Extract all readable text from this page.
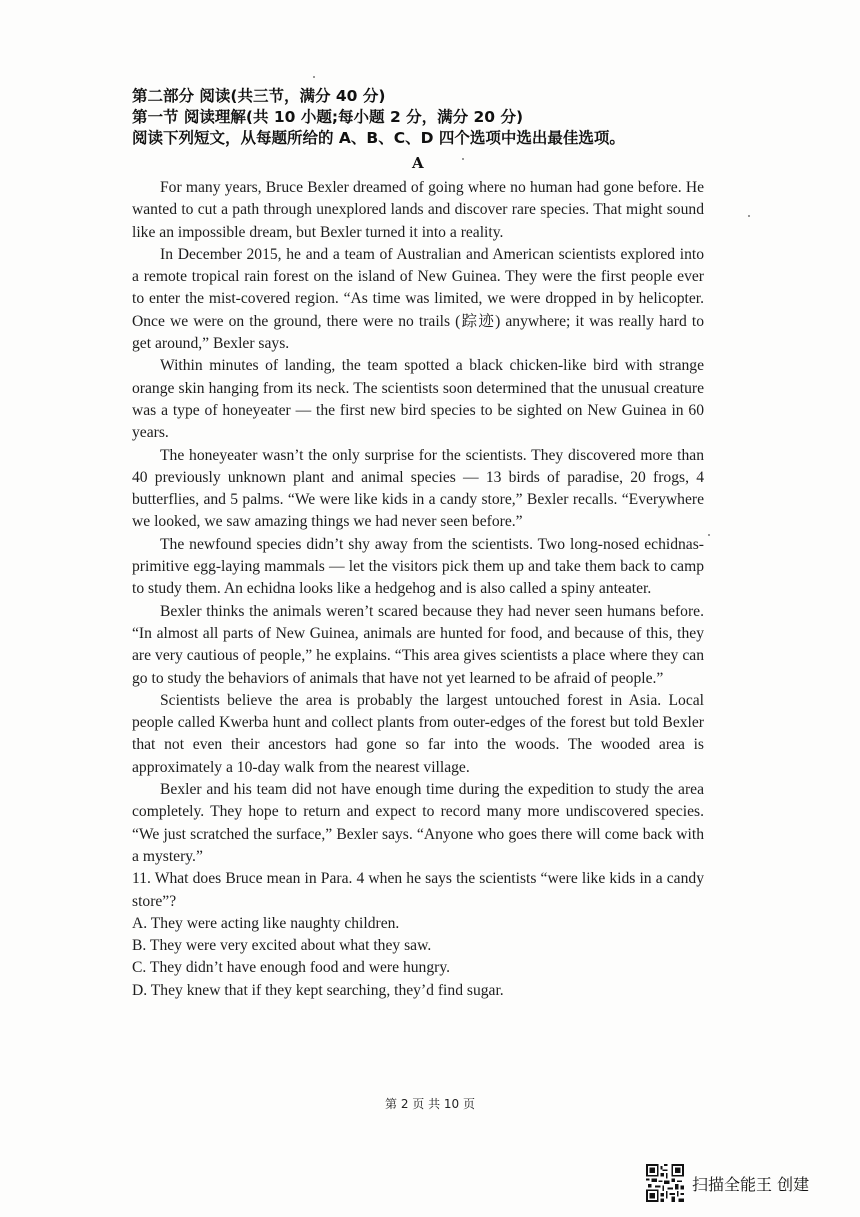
第二部分 阅读(共三节，满分 40 分)
第一节 阅读理解(共 10 小题;每小题 2 分，满分 20 分)
阅读下列短文，从每题所给的 A、B、C、D 四个选项中选出最佳选项。
A

For many years, Bruce Bexler dreamed of going where no human had gone before. He wanted to cut a path through unexplored lands and discover rare species. That might sound like an impossible dream, but Bexler turned it into a reality.

In December 2015, he and a team of Australian and American scientists explored into a remote tropical rain forest on the island of New Guinea. They were the first people ever to enter the mist-covered region. “As time was limited, we were dropped in by helicopter. Once we were on the ground, there were no trails (踪迹) anywhere; it was really hard to get around,” Bexler says.

Within minutes of landing, the team spotted a black chicken-like bird with strange orange skin hanging from its neck. The scientists soon determined that the unusual creature was a type of honeyeater — the first new bird species to be sighted on New Guinea in 60 years.

The honeyeater wasn’t the only surprise for the scientists. They discovered more than 40 previously unknown plant and animal species — 13 birds of paradise, 20 frogs, 4 butterflies, and 5 palms. “We were like kids in a candy store,” Bexler recalls. “Everywhere we looked, we saw amazing things we had never seen before.”

The newfound species didn’t shy away from the scientists. Two long-nosed echidnas-primitive egg-laying mammals — let the visitors pick them up and take them back to camp to study them. An echidna looks like a hedgehog and is also called a spiny anteater.

Bexler thinks the animals weren’t scared because they had never seen humans before. “In almost all parts of New Guinea, animals are hunted for food, and because of this, they are very cautious of people,” he explains. “This area gives scientists a place where they can go to study the behaviors of animals that have not yet learned to be afraid of people.”

Scientists believe the area is probably the largest untouched forest in Asia. Local people called Kwerba hunt and collect plants from outer-edges of the forest but told Bexler that not even their ancestors had gone so far into the woods. The wooded area is approximately a 10-day walk from the nearest village.

Bexler and his team did not have enough time during the expedition to study the area completely. They hope to return and expect to record many more undiscovered species. “We just scratched the surface,” Bexler says. “Anyone who goes there will come back with a mystery.”

11. What does Bruce mean in Para. 4 when he says the scientists “were like kids in a candy store”?

A. They were acting like naughty children.

B. They were very excited about what they saw.

C. They didn’t have enough food and were hungry.

D. They knew that if they kept searching, they’d find sugar.

第 2 页 共 10 页
扫描全能王 创建
